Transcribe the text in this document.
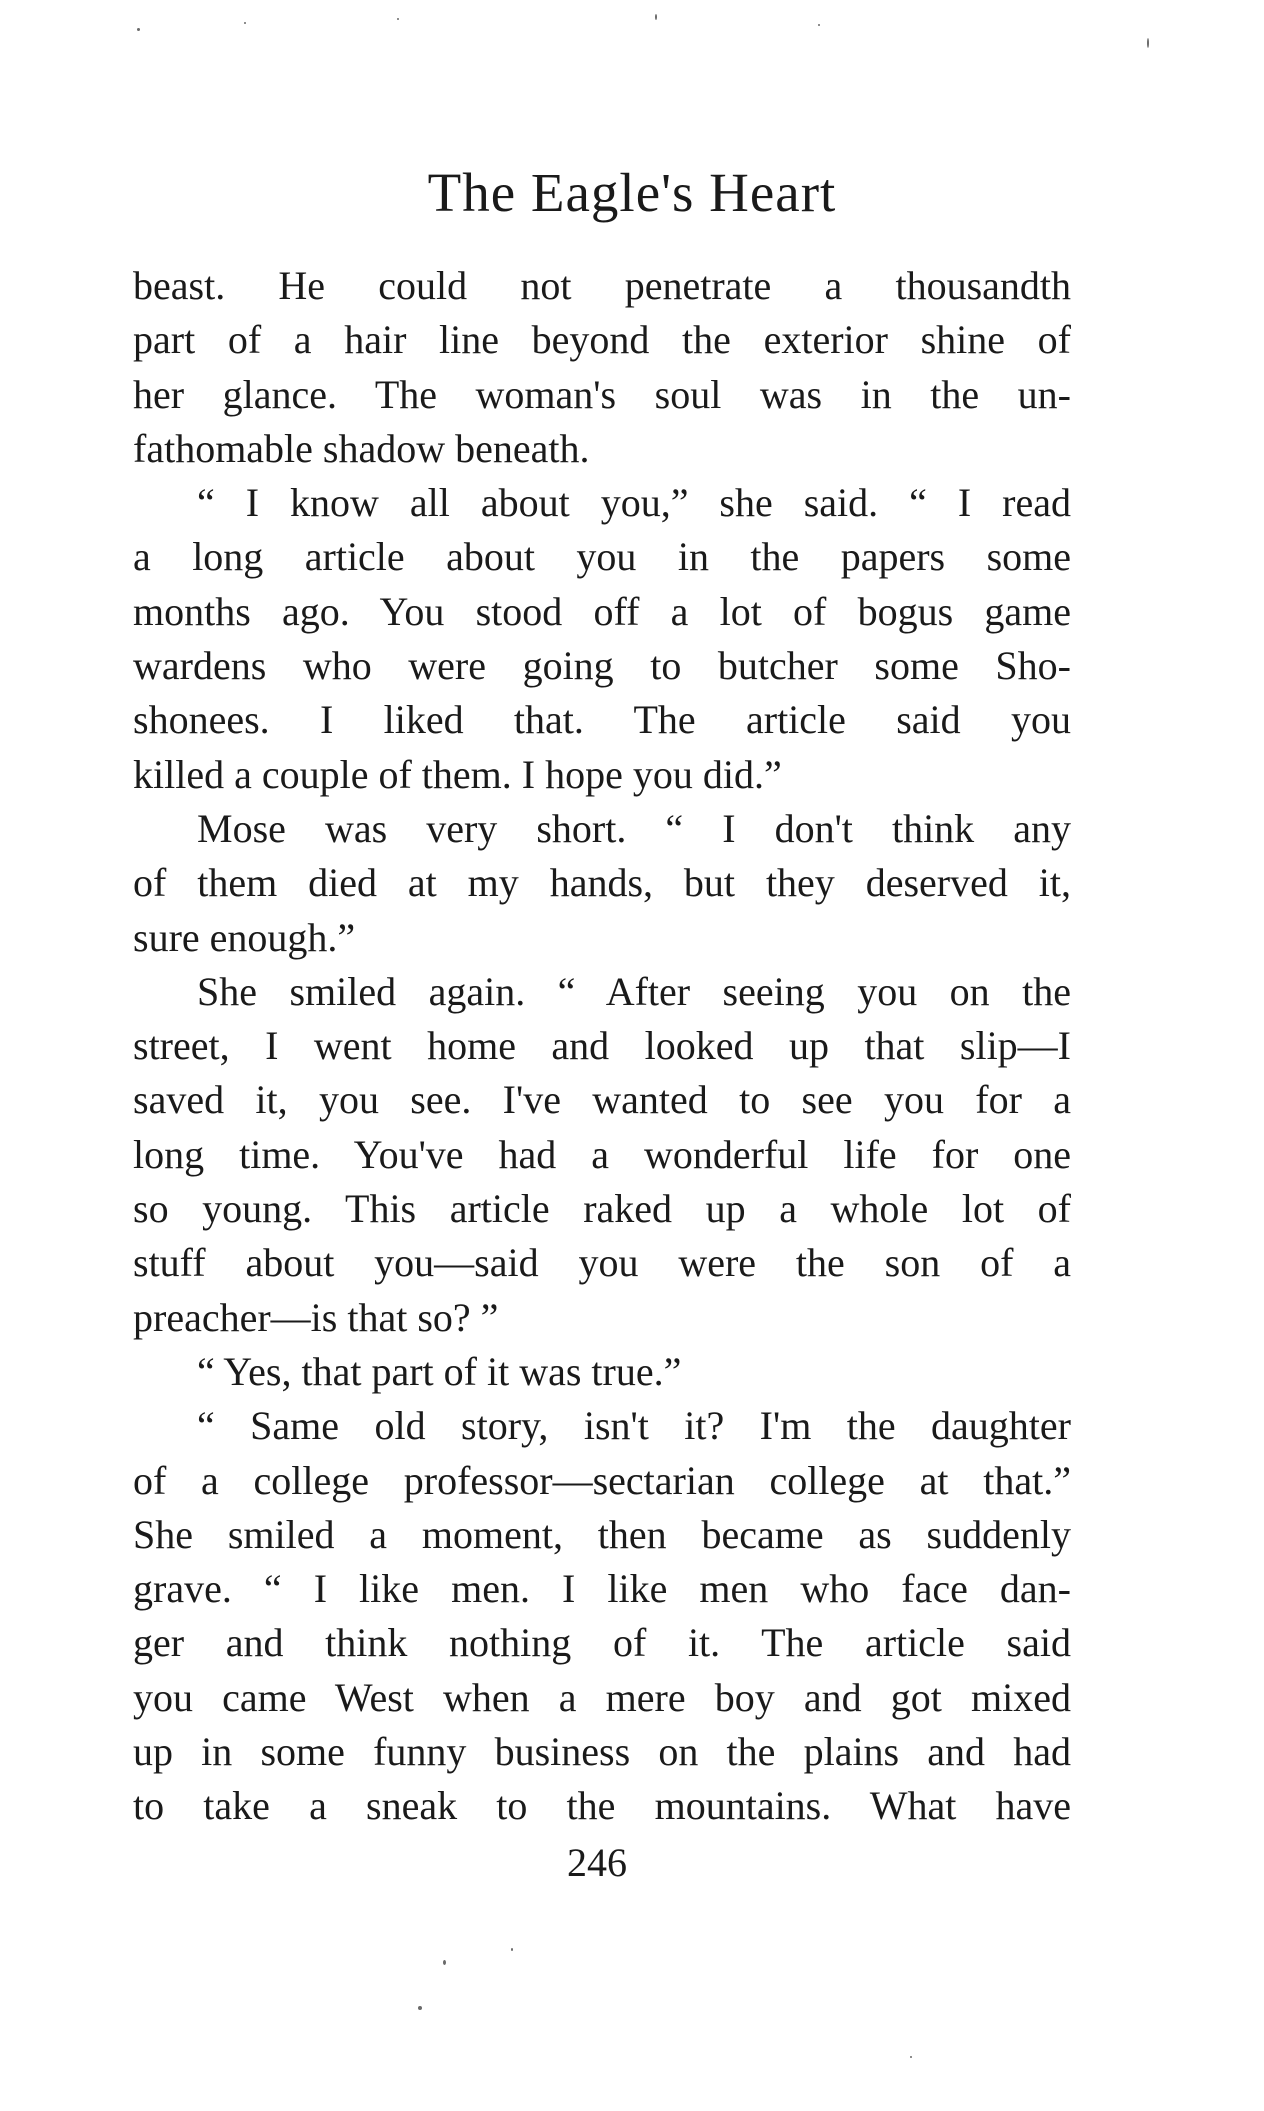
The Eagle's Heart
beast. He could not penetrate a thousandth
part of a hair line beyond the exterior shine of
her glance. The woman's soul was in the un-
fathomable shadow beneath.
“ I know all about you,” she said. “ I read
a long article about you in the papers some
months ago. You stood off a lot of bogus game
wardens who were going to butcher some Sho-
shonees. I liked that. The article said you
killed a couple of them. I hope you did.”
Mose was very short. “ I don't think any
of them died at my hands, but they deserved it,
sure enough.”
She smiled again. “ After seeing you on the
street, I went home and looked up that slip—I
saved it, you see. I've wanted to see you for a
long time. You've had a wonderful life for one
so young. This article raked up a whole lot of
stuff about you—said you were the son of a
preacher—is that so? ”
“ Yes, that part of it was true.”
“ Same old story, isn't it? I'm the daughter
of a college professor—sectarian college at that.”
She smiled a moment, then became as suddenly
grave. “ I like men. I like men who face dan-
ger and think nothing of it. The article said
you came West when a mere boy and got mixed
up in some funny business on the plains and had
to take a sneak to the mountains. What have
246
